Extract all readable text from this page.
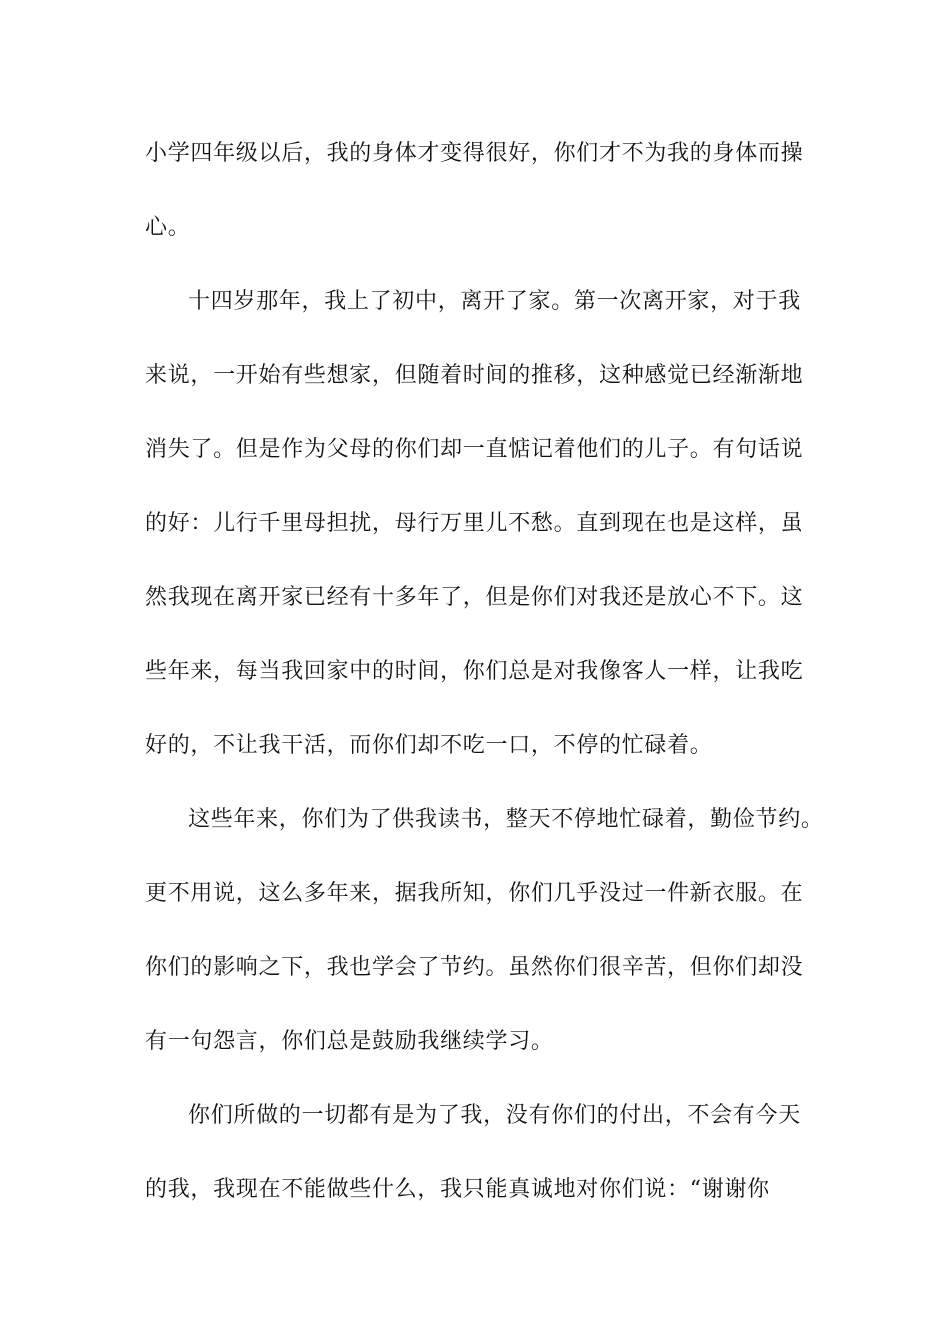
小学四年级以后，我的身体才变得很好，你们才不为我的身体而操

心。

十四岁那年，我上了初中，离开了家。第一次离开家，对于我

来说，一开始有些想家，但随着时间的推移，这种感觉已经渐渐地

消失了。但是作为父母的你们却一直惦记着他们的儿子。有句话说

的好：儿行千里母担扰，母行万里儿不愁。直到现在也是这样，虽

然我现在离开家已经有十多年了，但是你们对我还是放心不下。这

些年来，每当我回家中的时间，你们总是对我像客人一样，让我吃

好的，不让我干活，而你们却不吃一口，不停的忙碌着。

这些年来，你们为了供我读书，整天不停地忙碌着，勤俭节约。

更不用说，这么多年来，据我所知，你们几乎没过一件新衣服。在

你们的影响之下，我也学会了节约。虽然你们很辛苦，但你们却没

有一句怨言，你们总是鼓励我继续学习。

你们所做的一切都有是为了我，没有你们的付出，不会有今天

的我，我现在不能做些什么，我只能真诚地对你们说：“谢谢你
